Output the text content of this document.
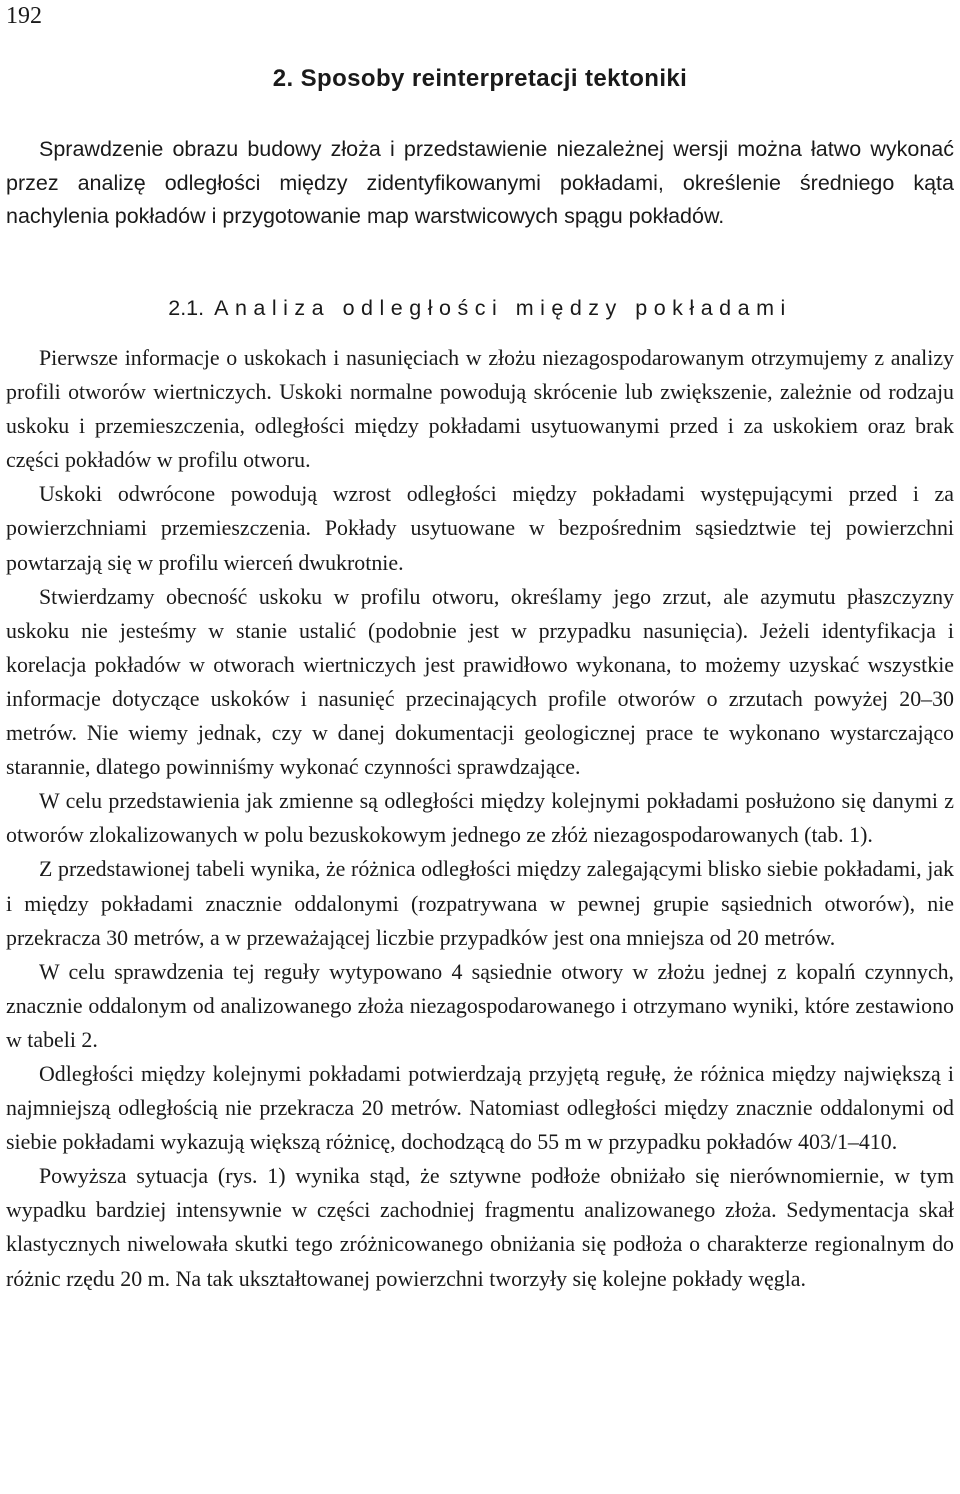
192
2. Sposoby reinterpretacji tektoniki

Sprawdzenie obrazu budowy złoża i przedstawienie niezależnej wersji można łatwo wykonać przez analizę odległości między zidentyfikowanymi pokładami, określenie średniego kąta nachylenia pokładów i przygotowanie map warstwicowych spągu pokładów.

2.1. Analiza odległości między pokładami

Pierwsze informacje o uskokach i nasunięciach w złożu niezagospodarowanym otrzymujemy z analizy profili otworów wiertniczych. Uskoki normalne powodują skrócenie lub zwiększenie, zależnie od rodzaju uskoku i przemieszczenia, odległości między pokładami usytuowanymi przed i za uskokiem oraz brak części pokładów w profilu otworu.

Uskoki odwrócone powodują wzrost odległości między pokładami występującymi przed i za powierzchniami przemieszczenia. Pokłady usytuowane w bezpośrednim sąsiedztwie tej powierzchni powtarzają się w profilu wierceń dwukrotnie.

Stwierdzamy obecność uskoku w profilu otworu, określamy jego zrzut, ale azymutu płaszczyzny uskoku nie jesteśmy w stanie ustalić (podobnie jest w przypadku nasunięcia). Jeżeli identyfikacja i korelacja pokładów w otworach wiertniczych jest prawidłowo wykonana, to możemy uzyskać wszystkie informacje dotyczące uskoków i nasunięć przecinających profile otworów o zrzutach powyżej 20–30 metrów. Nie wiemy jednak, czy w danej dokumentacji geologicznej prace te wykonano wystarczająco starannie, dlatego powinniśmy wykonać czynności sprawdzające.

W celu przedstawienia jak zmienne są odległości między kolejnymi pokładami posłużono się danymi z otworów zlokalizowanych w polu bezuskokowym jednego ze złóż niezagospodarowanych (tab. 1).

Z przedstawionej tabeli wynika, że różnica odległości między zalegającymi blisko siebie pokładami, jak i między pokładami znacznie oddalonymi (rozpatrywana w pewnej grupie sąsiednich otworów), nie przekracza 30 metrów, a w przeważającej liczbie przypadków jest ona mniejsza od 20 metrów.

W celu sprawdzenia tej reguły wytypowano 4 sąsiednie otwory w złożu jednej z kopalń czynnych, znacznie oddalonym od analizowanego złoża niezagospodarowanego i otrzymano wyniki, które zestawiono w tabeli 2.

Odległości między kolejnymi pokładami potwierdzają przyjętą regułę, że różnica między największą i najmniejszą odległością nie przekracza 20 metrów. Natomiast odległości między znacznie oddalonymi od siebie pokładami wykazują większą różnicę, dochodzącą do 55 m w przypadku pokładów 403/1–410.

Powyższa sytuacja (rys. 1) wynika stąd, że sztywne podłoże obniżało się nierównomiernie, w tym wypadku bardziej intensywnie w części zachodniej fragmentu analizowanego złoża. Sedymentacja skał klastycznych niwelowała skutki tego zróżnicowanego obniżania się podłoża o charakterze regionalnym do różnic rzędu 20 m. Na tak ukształtowanej powierzchni tworzyły się kolejne pokłady węgla.
